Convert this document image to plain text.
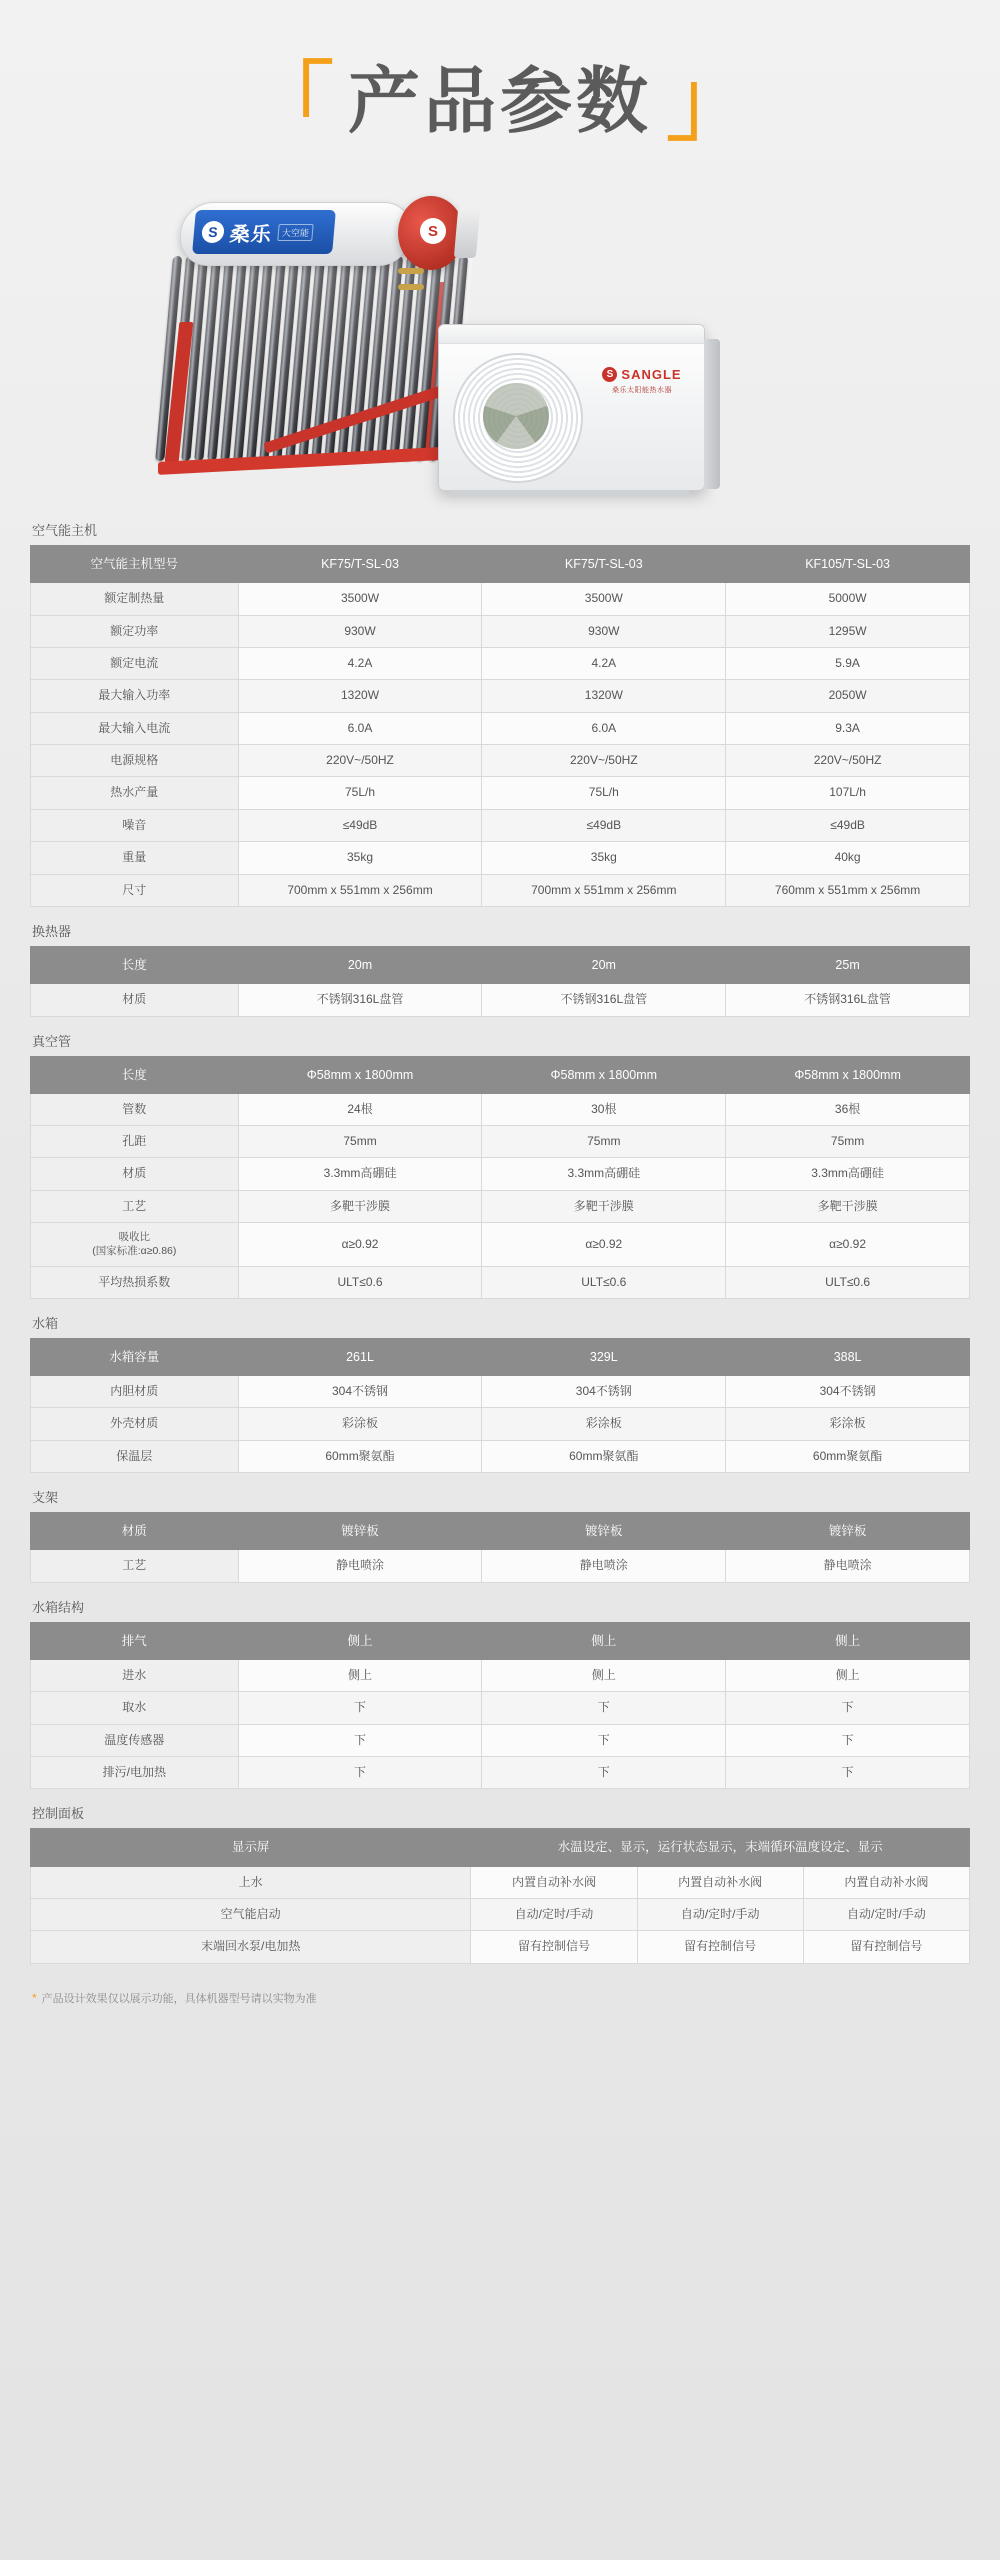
「 产品参数 」
S 桑乐 大空能	S
S SANGLE
桑乐太阳能热水器
空气能主机
空气能主机型号	KF75/T-SL-03	KF75/T-SL-03	KF105/T-SL-03
额定制热量	3500W	3500W	5000W
额定功率	930W	930W	1295W
额定电流	4.2A	4.2A	5.9A
最大输入功率	1320W	1320W	2050W
最大输入电流	6.0A	6.0A	9.3A
电源规格	220V~/50HZ	220V~/50HZ	220V~/50HZ
热水产量	75L/h	75L/h	107L/h
噪音	≤49dB	≤49dB	≤49dB
重量	35kg	35kg	40kg
尺寸	700mm x 551mm x 256mm	700mm x 551mm x 256mm	760mm x 551mm x 256mm
换热器
长度	20m	20m	25m
材质	不锈钢316L盘管	不锈钢316L盘管	不锈钢316L盘管
真空管
长度	Φ58mm x 1800mm	Φ58mm x 1800mm	Φ58mm x 1800mm
管数	24根	30根	36根
孔距	75mm	75mm	75mm
材质	3.3mm高硼硅	3.3mm高硼硅	3.3mm高硼硅
工艺	多靶干涉膜	多靶干涉膜	多靶干涉膜
吸收比
(国家标准:α≥0.86)	α≥0.92	α≥0.92	α≥0.92
平均热损系数	ULT≤0.6	ULT≤0.6	ULT≤0.6
水箱
水箱容量	261L	329L	388L
内胆材质	304不锈钢	304不锈钢	304不锈钢
外壳材质	彩涂板	彩涂板	彩涂板
保温层	60mm聚氨酯	60mm聚氨酯	60mm聚氨酯
支架
材质	镀锌板	镀锌板	镀锌板
工艺	静电喷涂	静电喷涂	静电喷涂
水箱结构
排气	侧上	侧上	侧上
进水	侧上	侧上	侧上
取水	下	下	下
温度传感器	下	下	下
排污/电加热	下	下	下
控制面板
显示屏	水温设定、显示，运行状态显示，末端循环温度设定、显示		
上水	内置自动补水阀	内置自动补水阀	内置自动补水阀
空气能启动	自动/定时/手动	自动/定时/手动	自动/定时/手动
末端回水泵/电加热	留有控制信号	留有控制信号	留有控制信号
* 产品设计效果仅以展示功能，具体机器型号请以实物为准
